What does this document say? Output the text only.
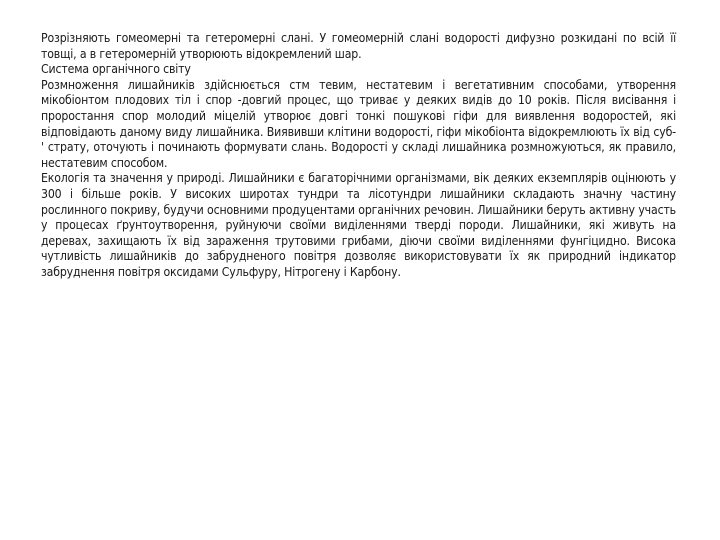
Розрізняють гомеомерні та гетеромерні слані. У гомеомерній слані водорості дифузно розкидані по всій її товщі, а в гетеромерній утворюють відокремлений шар.

Система органічного світу

Розмноження лишайників здійснюється стм тевим, нестатевим і вегетативним способами, утворення мікобіонтом плодових тіл і спор -довгий процес, що триває у деяких видів до 10 років. Після висівання і проростання спор молодий міцелій утворює довгі тонкі пошукові гіфи для виявлення водоростей, які відповідають даному виду лишайника. Виявивши клітини водорості, гіфи мікобіонта відокремлюють їх від суб- ' страту, оточують і починають формувати слань. Водорості у складі лишайника розмножуються, як правило, нестатевим способом.

Екологія та значення у природі. Лишайники є багаторічними організмами, вік деяких екземплярів оцінюють у 300 і більше років. У високих широтах тундри та лісотундри лишайники складають значну частину рослинного покриву, будучи основними продуцентами органічних речовин. Лишайники беруть активну участь у процесах ґрунтоутворення, руйнуючи своїми виділеннями тверді породи. Лишайники, які живуть на деревах, захищають їх від зараження трутовими грибами, діючи своїми виділеннями фунгіцидно. Висока чутливість лишайників до забрудненого повітря дозволяє використовувати їх як природний індикатор забруднення повітря оксидами Сульфуру, Нітрогену і Карбону.
